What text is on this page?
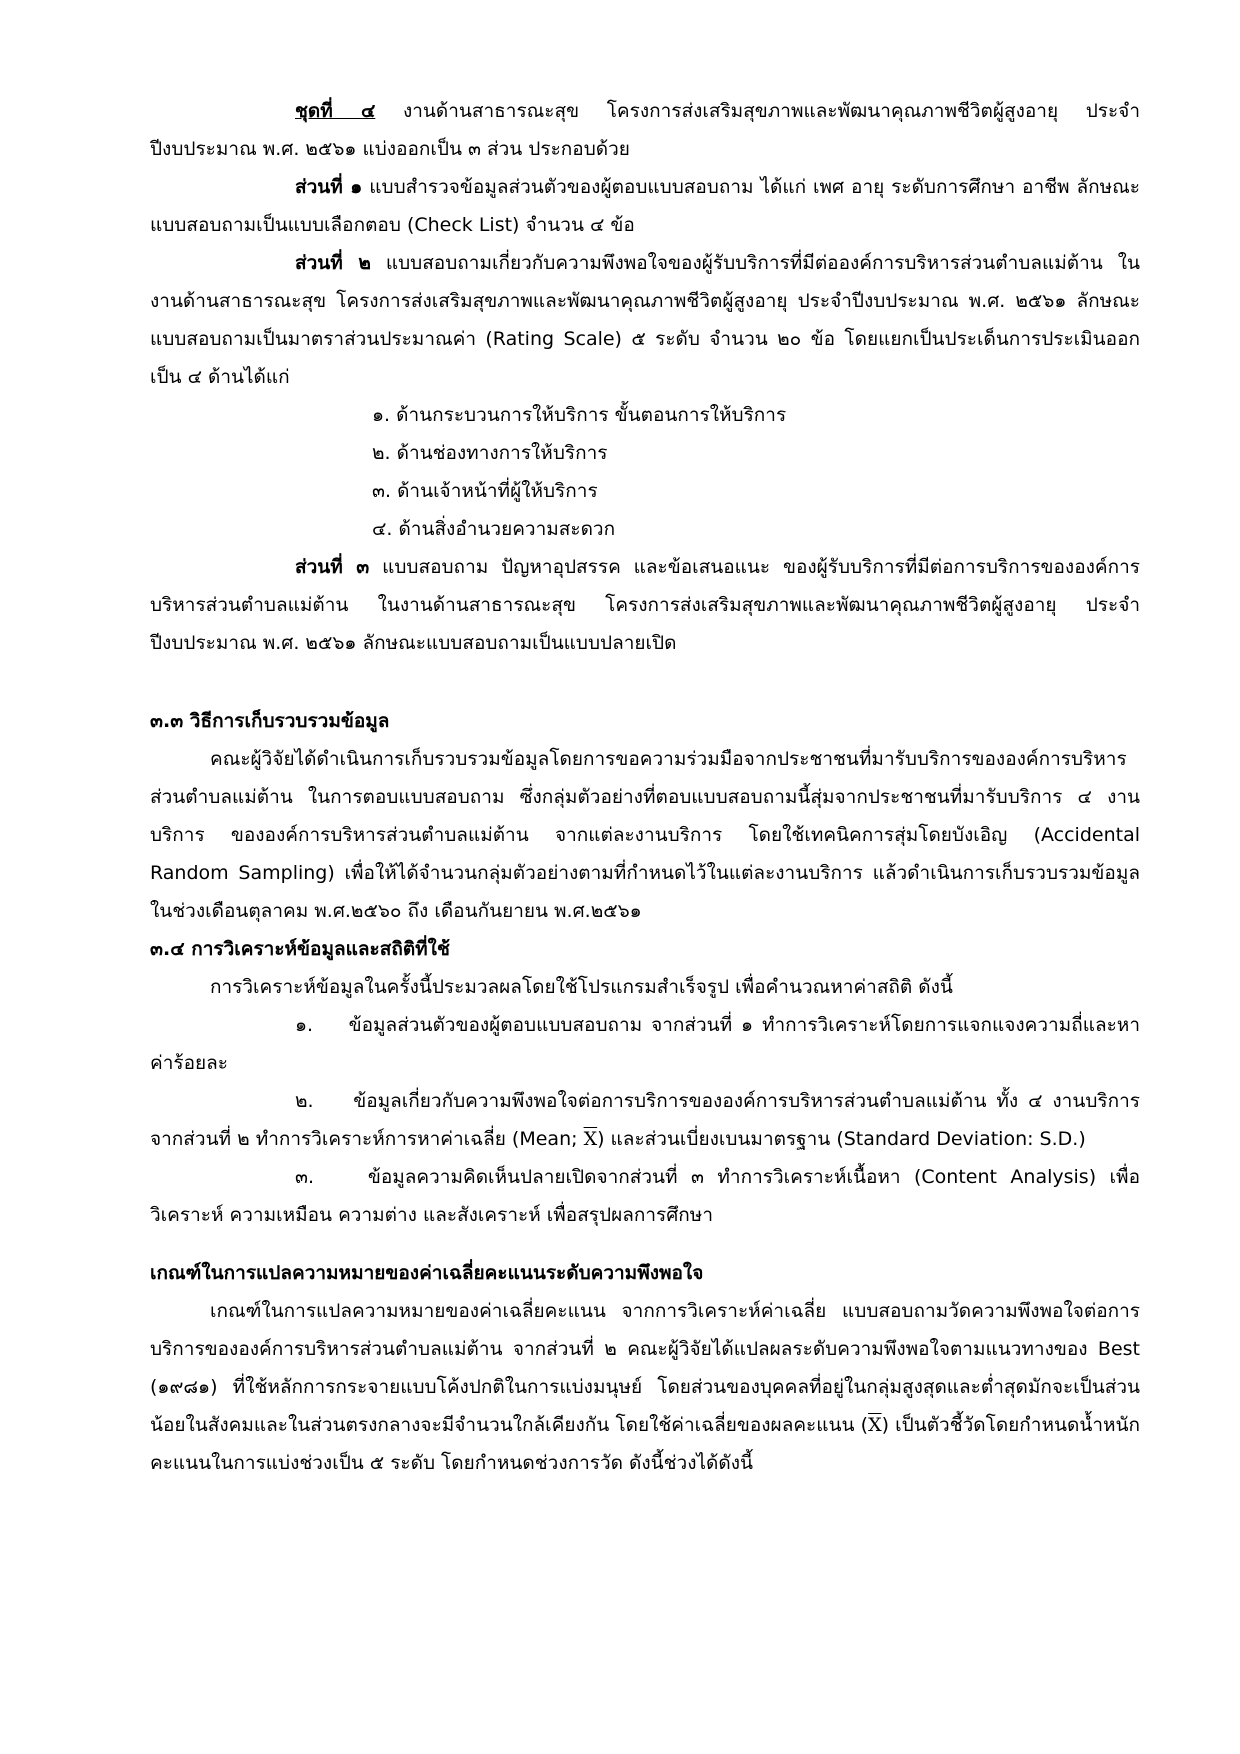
ชุดที่ ๔ งานด้านสาธารณะสุข โครงการส่งเสริมสุขภาพและพัฒนาคุณภาพชีวิตผู้สูงอายุ ประจำปีงบประมาณ พ.ศ. ๒๕๖๑ แบ่งออกเป็น ๓ ส่วน ประกอบด้วย

ส่วนที่ ๑ แบบสำรวจข้อมูลส่วนตัวของผู้ตอบแบบสอบถาม ได้แก่ เพศ อายุ ระดับการศึกษา อาชีพ ลักษณะแบบสอบถามเป็นแบบเลือกตอบ (Check List) จำนวน ๔ ข้อ

ส่วนที่ ๒ แบบสอบถามเกี่ยวกับความพึงพอใจของผู้รับบริการที่มีต่อองค์การบริหารส่วนตำบลแม่ต้าน ในงานด้านสาธารณะสุข โครงการส่งเสริมสุขภาพและพัฒนาคุณภาพชีวิตผู้สูงอายุ ประจำปีงบประมาณ พ.ศ. ๒๕๖๑ ลักษณะแบบสอบถามเป็นมาตราส่วนประมาณค่า (Rating Scale) ๕ ระดับ จำนวน ๒๐ ข้อ โดยแยกเป็นประเด็นการประเมินออกเป็น ๔ ด้านได้แก่

๑. ด้านกระบวนการให้บริการ ขั้นตอนการให้บริการ
๒. ด้านช่องทางการให้บริการ
๓. ด้านเจ้าหน้าที่ผู้ให้บริการ
๔. ด้านสิ่งอำนวยความสะดวก

ส่วนที่ ๓ แบบสอบถาม ปัญหาอุปสรรค และข้อเสนอแนะ ของผู้รับบริการที่มีต่อการบริการขององค์การบริหารส่วนตำบลแม่ต้าน ในงานด้านสาธารณะสุข โครงการส่งเสริมสุขภาพและพัฒนาคุณภาพชีวิตผู้สูงอายุ ประจำปีงบประมาณ พ.ศ. ๒๕๖๑ ลักษณะแบบสอบถามเป็นแบบปลายเปิด

๓.๓ วิธีการเก็บรวบรวมข้อมูล

คณะผู้วิจัยได้ดำเนินการเก็บรวบรวมข้อมูลโดยการขอความร่วมมือจากประชาชนที่มารับบริการขององค์การบริหารส่วนตำบลแม่ต้าน ในการตอบแบบสอบถาม ซึ่งกลุ่มตัวอย่างที่ตอบแบบสอบถามนี้สุ่มจากประชาชนที่มารับบริการ ๔ งานบริการ ขององค์การบริหารส่วนตำบลแม่ต้าน จากแต่ละงานบริการ โดยใช้เทคนิคการสุ่มโดยบังเอิญ (Accidental Random Sampling) เพื่อให้ได้จำนวนกลุ่มตัวอย่างตามที่กำหนดไว้ในแต่ละงานบริการ แล้วดำเนินการเก็บรวบรวมข้อมูลในช่วงเดือนตุลาคม พ.ศ.๒๕๖๐ ถึง เดือนกันยายน พ.ศ.๒๕๖๑

๓.๔ การวิเคราะห์ข้อมูลและสถิติที่ใช้

การวิเคราะห์ข้อมูลในครั้งนี้ประมวลผลโดยใช้โปรแกรมสำเร็จรูป เพื่อคำนวณหาค่าสถิติ ดังนี้

๑. ข้อมูลส่วนตัวของผู้ตอบแบบสอบถาม จากส่วนที่ ๑ ทำการวิเคราะห์โดยการแจกแจงความถี่และหาค่าร้อยละ

๒. ข้อมูลเกี่ยวกับความพึงพอใจต่อการบริการขององค์การบริหารส่วนตำบลแม่ต้าน ทั้ง ๔ งานบริการ จากส่วนที่ ๒ ทำการวิเคราะห์การหาค่าเฉลี่ย (Mean; $\overline{X}$) และส่วนเบี่ยงเบนมาตรฐาน (Standard Deviation: S.D.)

๓.	ข้อมูลความคิดเห็นปลายเปิดจากส่วนที่ ๓ ทำการวิเคราะห์เนื้อหา (Content Analysis) เพื่อวิเคราะห์ ความเหมือน ความต่าง และสังเคราะห์ เพื่อสรุปผลการศึกษา

เกณฑ์ในการแปลความหมายของค่าเฉลี่ยคะแนนระดับความพึงพอใจ

เกณฑ์ในการแปลความหมายของค่าเฉลี่ยคะแนน จากการวิเคราะห์ค่าเฉลี่ย แบบสอบถามวัดความพึงพอใจต่อการบริการขององค์การบริหารส่วนตำบลแม่ต้าน จากส่วนที่ ๒ คณะผู้วิจัยได้แปลผลระดับความพึงพอใจตามแนวทางของ Best (๑๙๘๑) ที่ใช้หลักการกระจายแบบโค้งปกติในการแบ่งมนุษย์ โดยส่วนของบุคคลที่อยู่ในกลุ่มสูงสุดและต่ำสุดมักจะเป็นส่วนน้อยในสังคมและในส่วนตรงกลางจะมีจำนวนใกล้เคียงกัน โดยใช้ค่าเฉลี่ยของผลคะแนน $(\overline{X})$ เป็นตัวชี้วัดโดยกำหนดน้ำหนักคะแนนในการแบ่งช่วงเป็น ๕ ระดับ โดยกำหนดช่วงการวัด ดังนี้ช่วงได้ดังนี้
